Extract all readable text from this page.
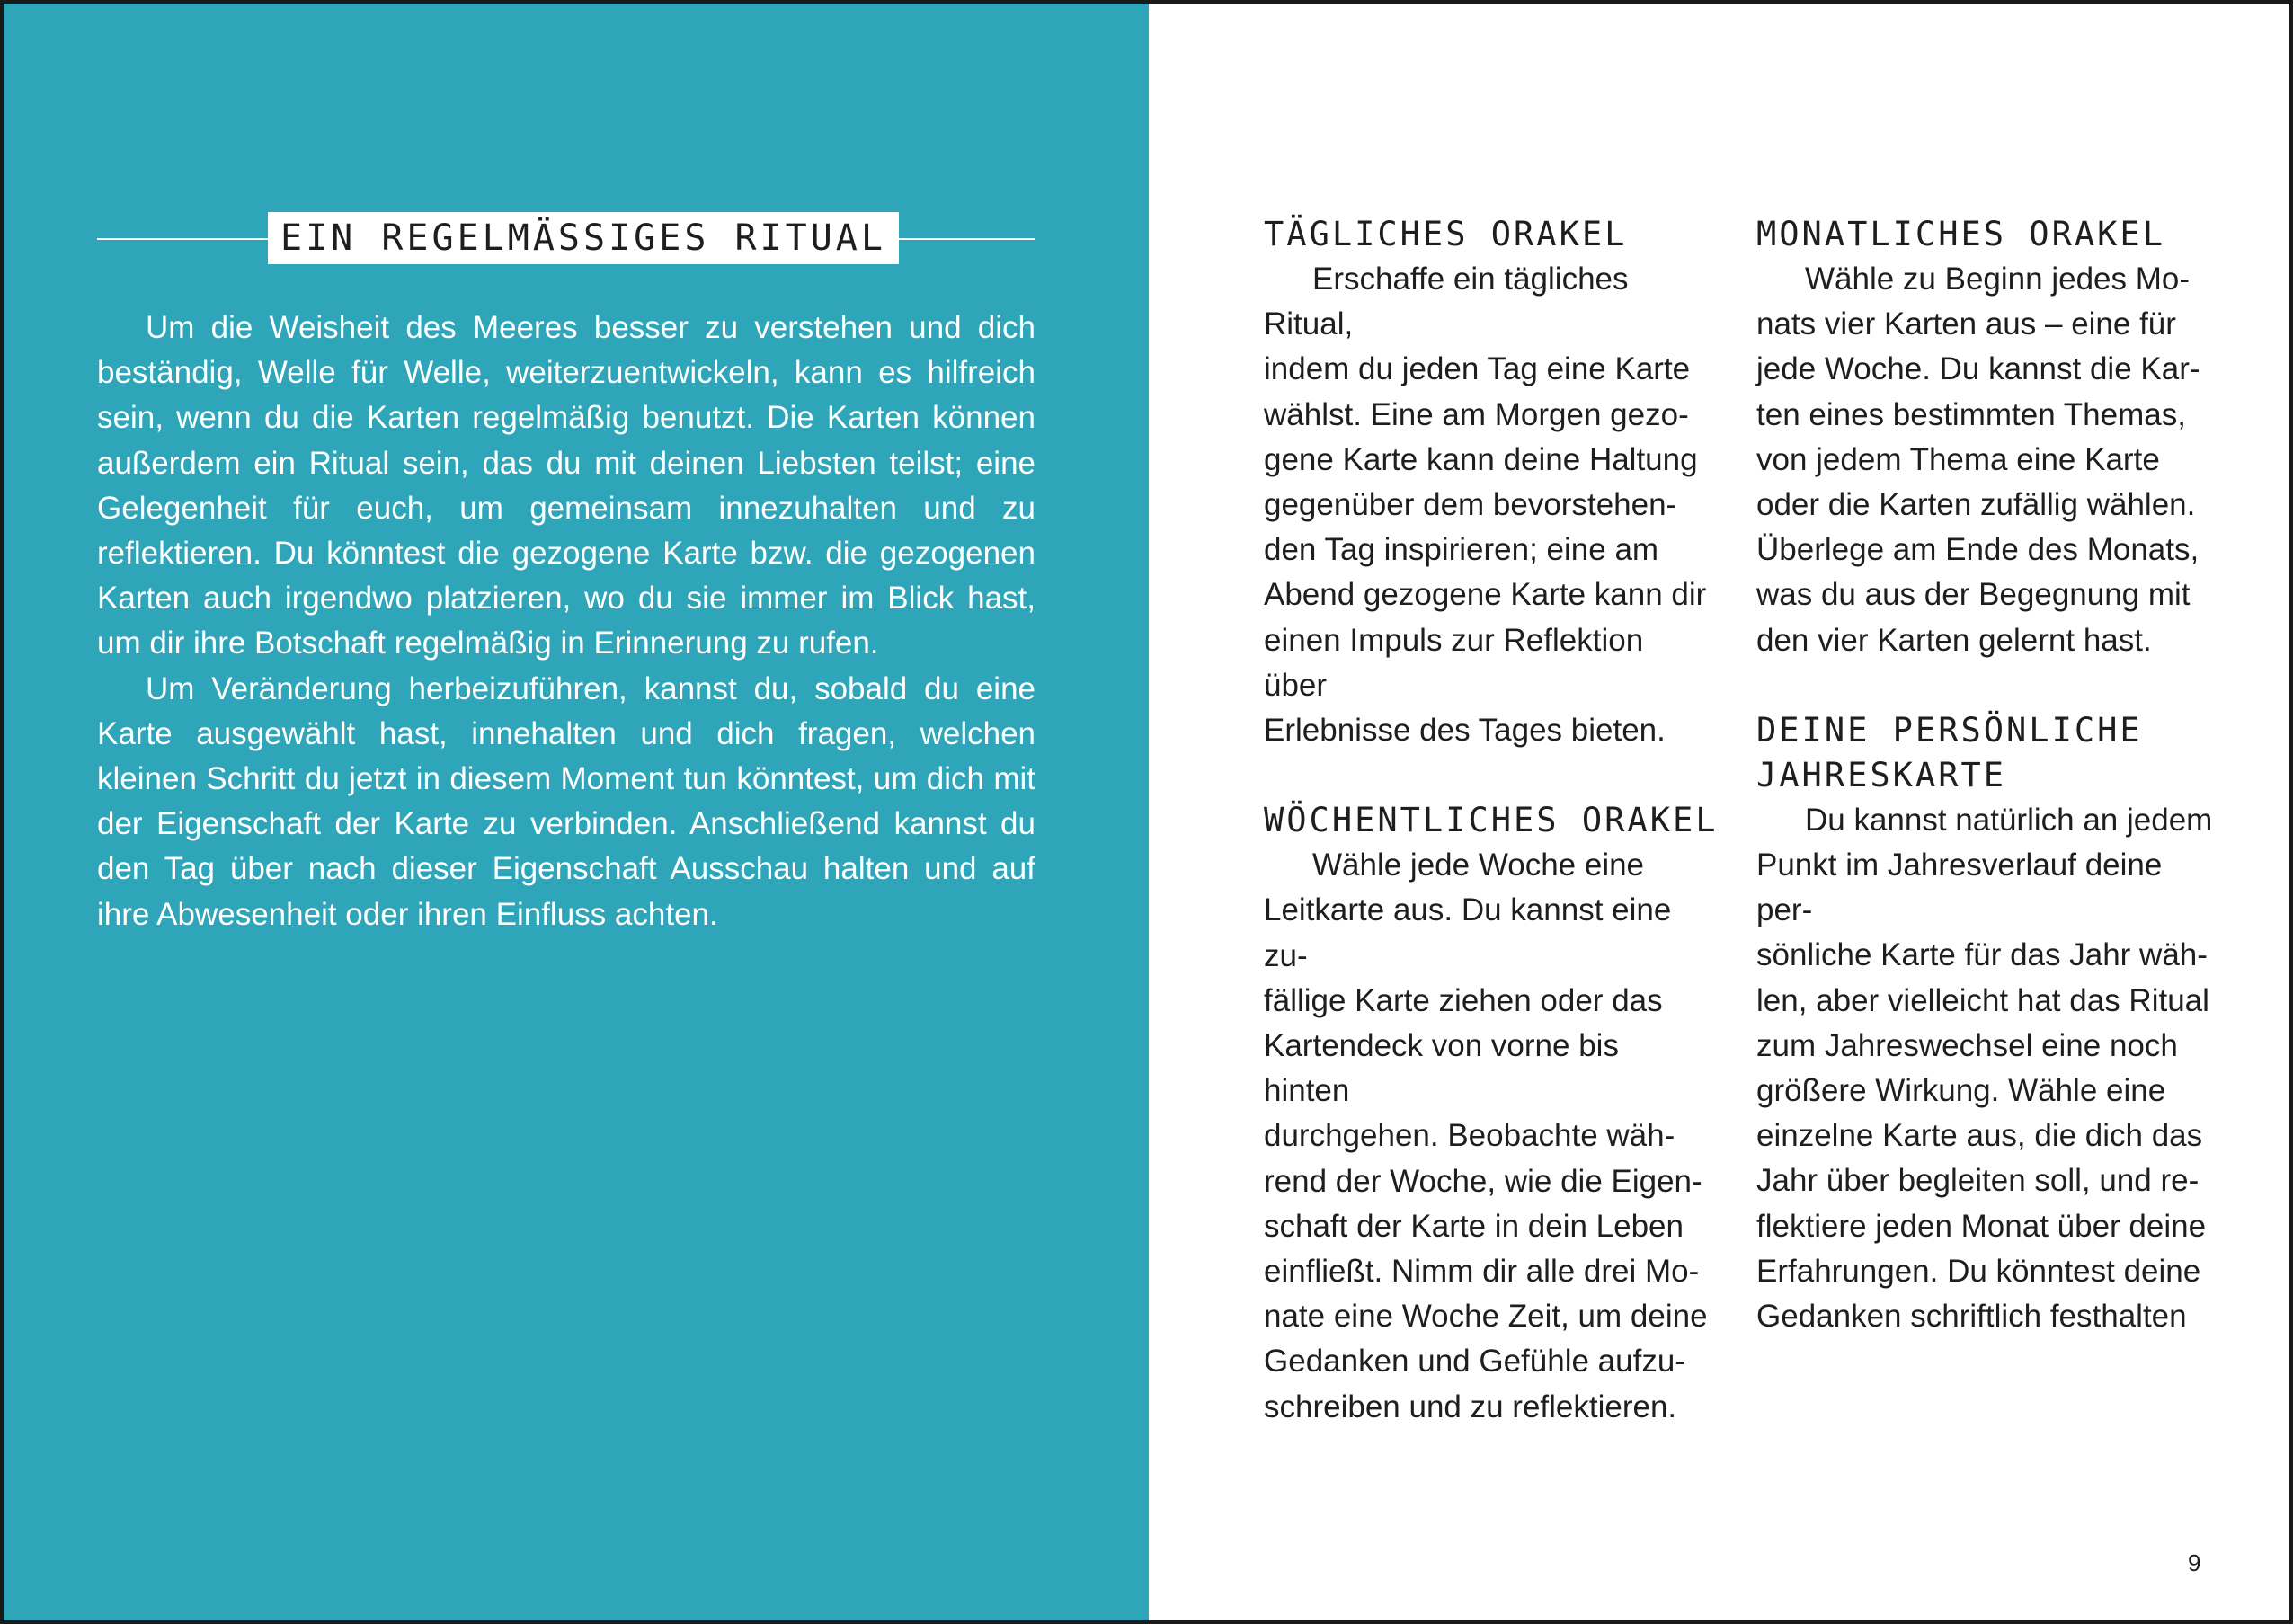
EIN REGELMÄSSIGES RITUAL

Um die Weisheit des Meeres besser zu verstehen und dich beständig, Welle für Welle, weiterzuentwickeln, kann es hilfreich sein, wenn du die Karten regelmäßig benutzt. Die Karten können außerdem ein Ritual sein, das du mit deinen Liebsten teilst; eine Gelegenheit für euch, um gemeinsam innezuhalten und zu reflektieren. Du könntest die gezogene Karte bzw. die gezogenen Karten auch irgendwo platzieren, wo du sie immer im Blick hast, um dir ihre Botschaft regelmäßig in Erinnerung zu rufen.

Um Veränderung herbeizuführen, kannst du, sobald du eine Karte ausgewählt hast, innehalten und dich fragen, welchen kleinen Schritt du jetzt in diesem Moment tun könntest, um dich mit der Eigenschaft der Karte zu verbinden. Anschließend kannst du den Tag über nach dieser Eigenschaft Ausschau halten und auf ihre Abwesenheit oder ihren Einfluss achten.

TÄGLICHES ORAKEL

Erschaffe ein tägliches Ritual,
indem du jeden Tag eine Karte
wählst. Eine am Morgen gezo-
gene Karte kann deine Haltung
gegenüber dem bevorstehen-
den Tag inspirieren; eine am
Abend gezogene Karte kann dir
einen Impuls zur Reflektion über
Erlebnisse des Tages bieten.

WÖCHENTLICHES ORAKEL

Wähle jede Woche eine
Leitkarte aus. Du kannst eine zu-
fällige Karte ziehen oder das
Kartendeck von vorne bis hinten
durchgehen. Beobachte wäh-
rend der Woche, wie die Eigen-
schaft der Karte in dein Leben
einfließt. Nimm dir alle drei Mo-
nate eine Woche Zeit, um deine
Gedanken und Gefühle aufzu-
schreiben und zu reflektieren.

MONATLICHES ORAKEL

Wähle zu Beginn jedes Mo-
nats vier Karten aus – eine für
jede Woche. Du kannst die Kar-
ten eines bestimmten Themas,
von jedem Thema eine Karte
oder die Karten zufällig wählen.
Überlege am Ende des Monats,
was du aus der Begegnung mit
den vier Karten gelernt hast.

DEINE PERSÖNLICHE
JAHRESKARTE

Du kannst natürlich an jedem
Punkt im Jahresverlauf deine per-
sönliche Karte für das Jahr wäh-
len, aber vielleicht hat das Ritual
zum Jahreswechsel eine noch
größere Wirkung. Wähle eine
einzelne Karte aus, die dich das
Jahr über begleiten soll, und re-
flektiere jeden Monat über deine
Erfahrungen. Du könntest deine
Gedanken schriftlich festhalten

9
